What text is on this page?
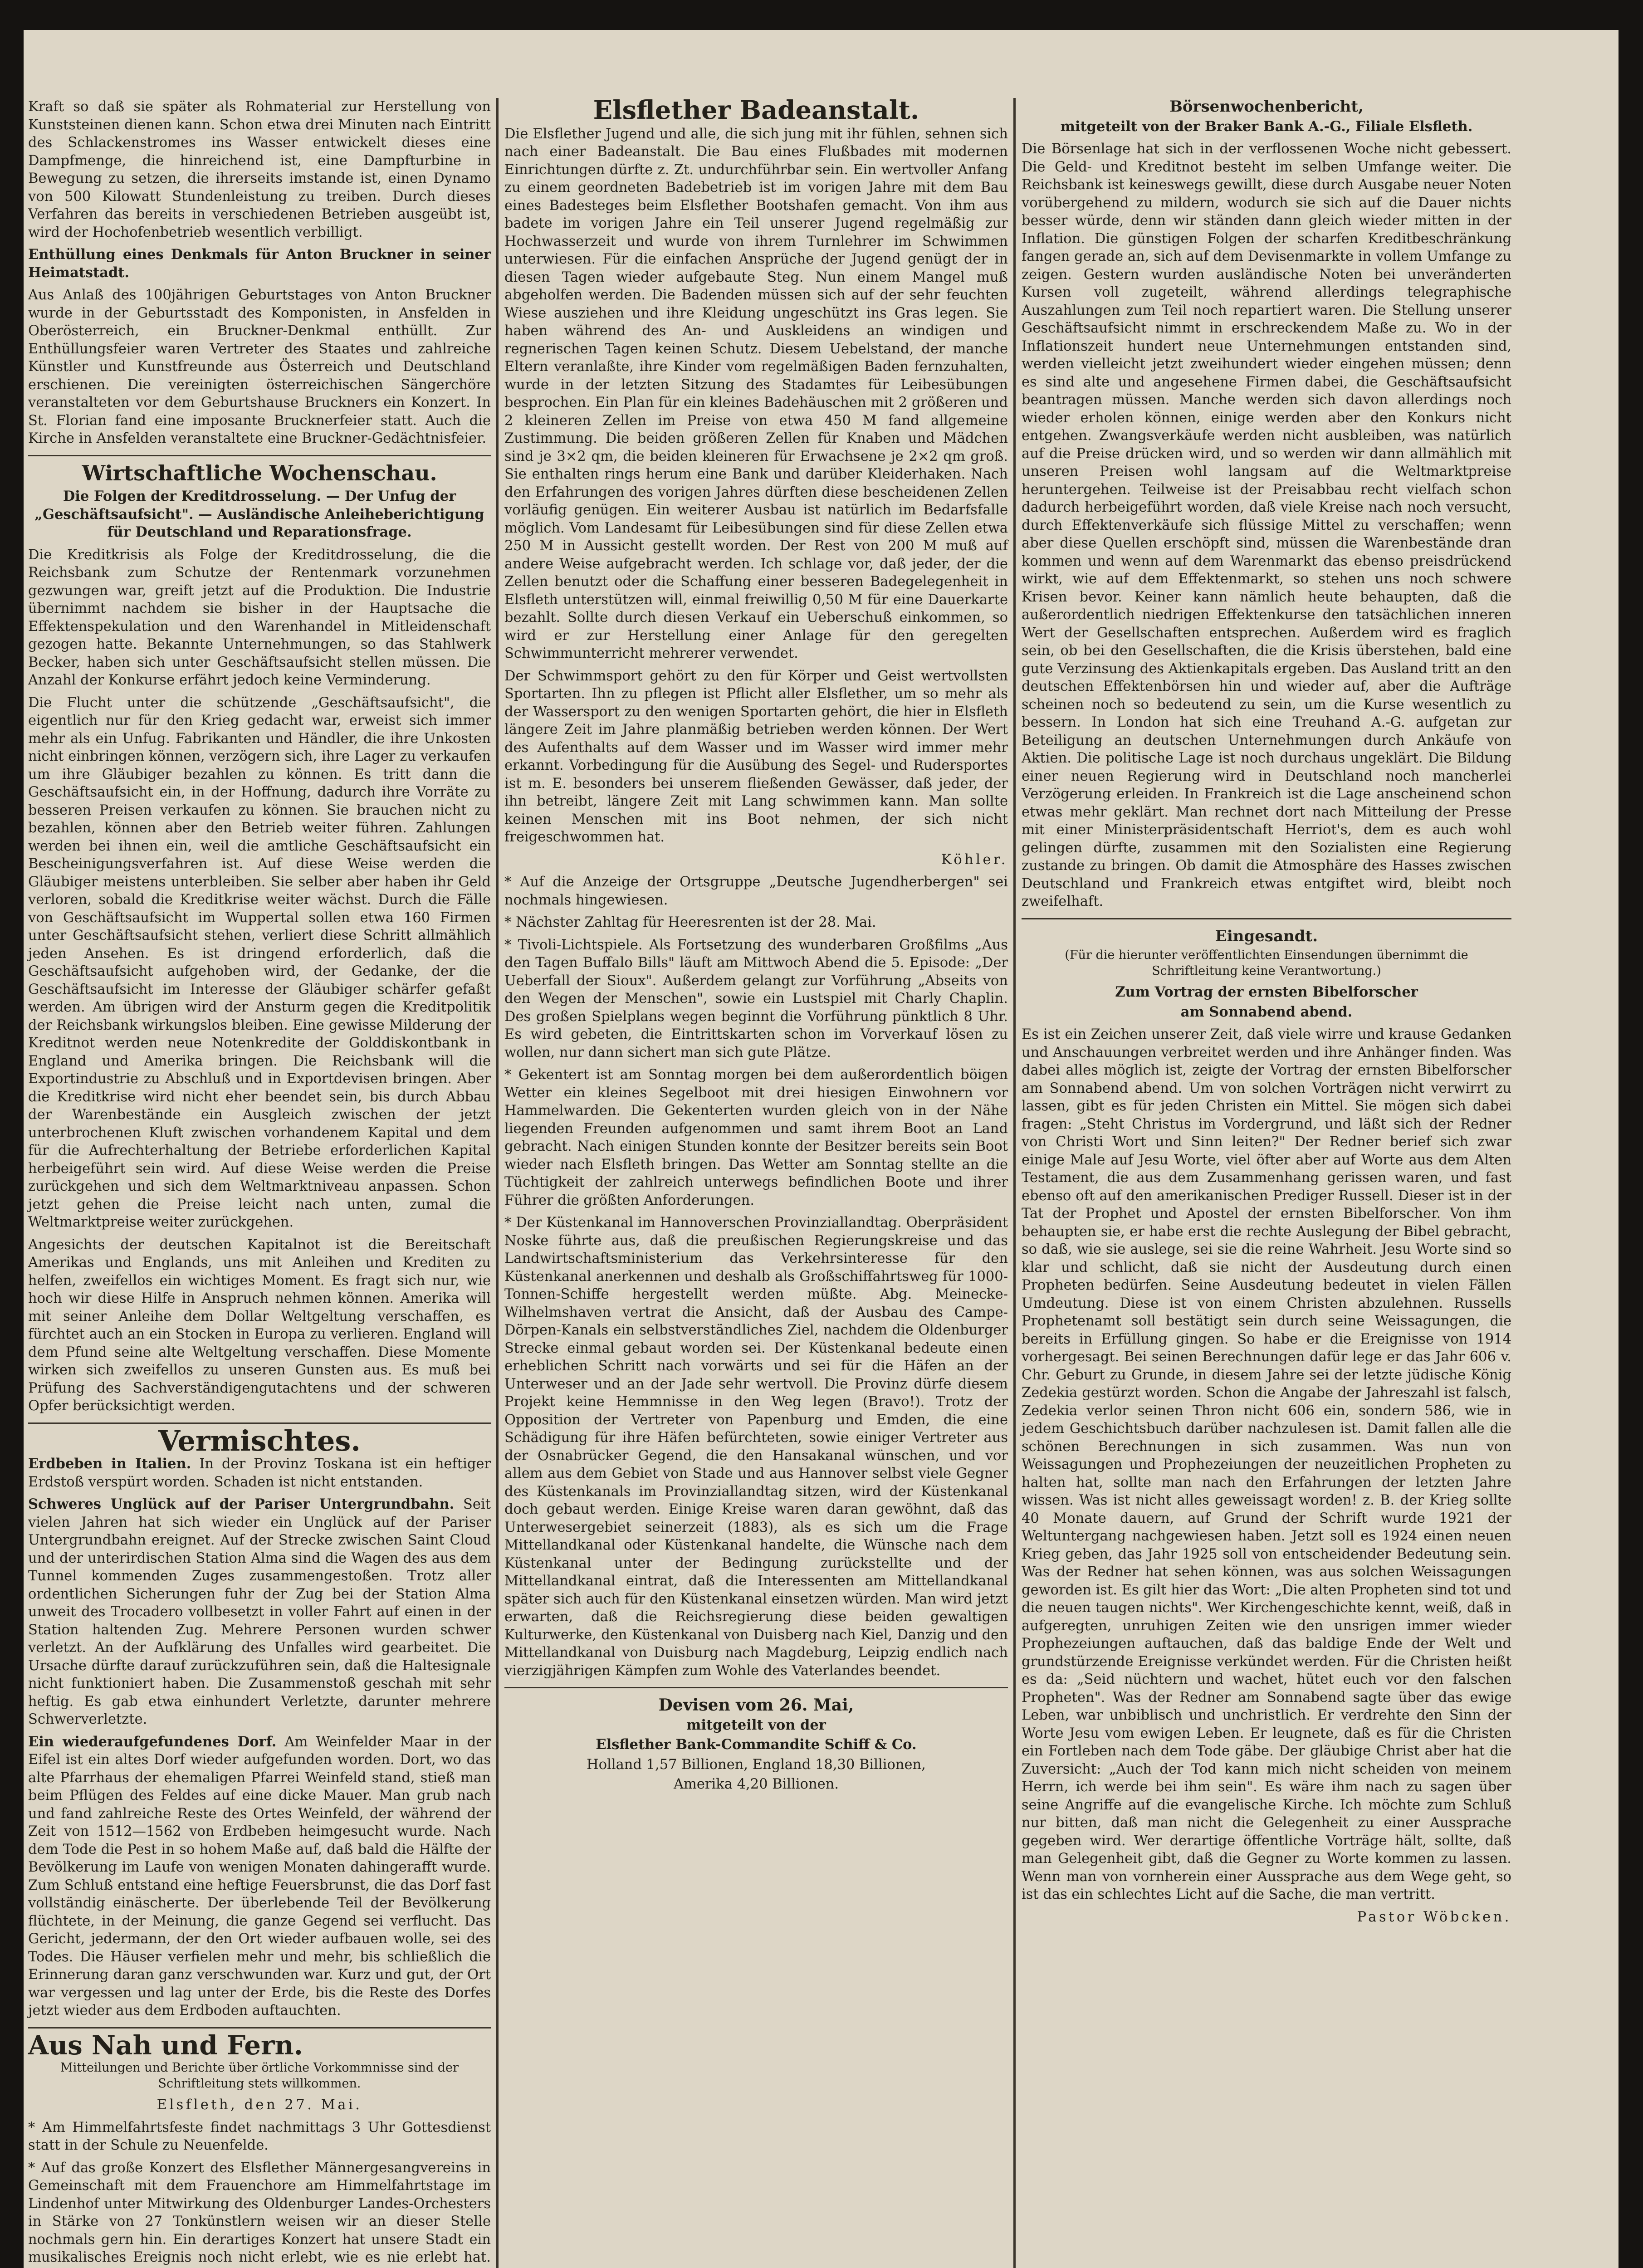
Kraft so daß sie später als Rohmaterial zur Herstellung von Kunststeinen dienen kann. Schon etwa drei Minuten nach Eintritt des Schlackenstromes ins Wasser entwickelt dieses eine Dampfmenge, die hinreichend ist, eine Dampfturbine in Bewegung zu setzen, die ihrerseits imstande ist, einen Dynamo von 500 Kilowatt Stundenleistung zu treiben. Durch dieses Verfahren das bereits in verschiedenen Betrieben ausgeübt ist, wird der Hochofenbetrieb wesentlich verbilligt.

Enthüllung eines Denkmals für Anton Bruckner in seiner Heimatstadt.

Aus Anlaß des 100jährigen Geburtstages von Anton Bruckner wurde in der Geburtsstadt des Komponisten, in Ansfelden in Oberösterreich, ein Bruckner-Denkmal enthüllt. Zur Enthüllungsfeier waren Vertreter des Staates und zahlreiche Künstler und Kunstfreunde aus Österreich und Deutschland erschienen. Die vereinigten österreichischen Sängerchöre veranstalteten vor dem Geburtshause Bruckners ein Konzert. In St. Florian fand eine imposante Brucknerfeier statt. Auch die Kirche in Ansfelden veranstaltete eine Bruckner-Gedächtnisfeier.

Wirtschaftliche Wochenschau.

Die Folgen der Kreditdrosselung. — Der Unfug der „Geschäftsaufsicht". — Ausländische Anleiheberichtigung für Deutschland und Reparationsfrage.

Die Kreditkrisis als Folge der Kreditdrosselung, die die Reichsbank zum Schutze der Rentenmark vorzunehmen gezwungen war, greift jetzt auf die Produktion. Die Industrie übernimmt nachdem sie bisher in der Hauptsache die Effektenspekulation und den Warenhandel in Mitleidenschaft gezogen hatte. Bekannte Unternehmungen, so das Stahlwerk Becker, haben sich unter Geschäftsaufsicht stellen müssen. Die Anzahl der Konkurse erfährt jedoch keine Verminderung.

Die Flucht unter die schützende „Geschäftsaufsicht", die eigentlich nur für den Krieg gedacht war, erweist sich immer mehr als ein Unfug. Fabrikanten und Händler, die ihre Unkosten nicht einbringen können, verzögern sich, ihre Lager zu verkaufen um ihre Gläubiger bezahlen zu können. Es tritt dann die Geschäftsaufsicht ein, in der Hoffnung, dadurch ihre Vorräte zu besseren Preisen verkaufen zu können. Sie brauchen nicht zu bezahlen, können aber den Betrieb weiter führen. Zahlungen werden bei ihnen ein, weil die amtliche Geschäftsaufsicht ein Bescheinigungsverfahren ist. Auf diese Weise werden die Gläubiger meistens unterbleiben. Sie selber aber haben ihr Geld verloren, sobald die Kreditkrise weiter wächst. Durch die Fälle von Geschäftsaufsicht im Wuppertal sollen etwa 160 Firmen unter Geschäftsaufsicht stehen, verliert diese Schritt allmählich jeden Ansehen. Es ist dringend erforderlich, daß die Geschäftsaufsicht aufgehoben wird, der Gedanke, der die Geschäftsaufsicht im Interesse der Gläubiger schärfer gefaßt werden. Am übrigen wird der Ansturm gegen die Kreditpolitik der Reichsbank wirkungslos bleiben. Eine gewisse Milderung der Kreditnot werden neue Notenkredite der Golddiskontbank in England und Amerika bringen. Die Reichsbank will die Exportindustrie zu Abschluß und in Exportdevisen bringen. Aber die Kreditkrise wird nicht eher beendet sein, bis durch Abbau der Warenbestände ein Ausgleich zwischen der jetzt unterbrochenen Kluft zwischen vorhandenem Kapital und dem für die Aufrechterhaltung der Betriebe erforderlichen Kapital herbeigeführt sein wird. Auf diese Weise werden die Preise zurückgehen und sich dem Weltmarktniveau anpassen. Schon jetzt gehen die Preise leicht nach unten, zumal die Weltmarktpreise weiter zurückgehen.

Angesichts der deutschen Kapitalnot ist die Bereitschaft Amerikas und Englands, uns mit Anleihen und Krediten zu helfen, zweifellos ein wichtiges Moment. Es fragt sich nur, wie hoch wir diese Hilfe in Anspruch nehmen können. Amerika will mit seiner Anleihe dem Dollar Weltgeltung verschaffen, es fürchtet auch an ein Stocken in Europa zu verlieren. England will dem Pfund seine alte Weltgeltung verschaffen. Diese Momente wirken sich zweifellos zu unseren Gunsten aus. Es muß bei Prüfung des Sachverständigengutachtens und der schweren Opfer berücksichtigt werden.

Vermischtes.

Erdbeben in Italien. In der Provinz Toskana ist ein heftiger Erdstoß verspürt worden. Schaden ist nicht entstanden.

Schweres Unglück auf der Pariser Untergrundbahn. Seit vielen Jahren hat sich wieder ein Unglück auf der Pariser Untergrundbahn ereignet. Auf der Strecke zwischen Saint Cloud und der unterirdischen Station Alma sind die Wagen des aus dem Tunnel kommenden Zuges zusammengestoßen. Trotz aller ordentlichen Sicherungen fuhr der Zug bei der Station Alma unweit des Trocadero vollbesetzt in voller Fahrt auf einen in der Station haltenden Zug. Mehrere Personen wurden schwer verletzt. An der Aufklärung des Unfalles wird gearbeitet. Die Ursache dürfte darauf zurückzuführen sein, daß die Haltesignale nicht funktioniert haben. Die Zusammenstoß geschah mit sehr heftig. Es gab etwa einhundert Verletzte, darunter mehrere Schwerverletzte.

Ein wiederaufgefundenes Dorf. Am Weinfelder Maar in der Eifel ist ein altes Dorf wieder aufgefunden worden. Dort, wo das alte Pfarrhaus der ehemaligen Pfarrei Weinfeld stand, stieß man beim Pflügen des Feldes auf eine dicke Mauer. Man grub nach und fand zahlreiche Reste des Ortes Weinfeld, der während der Zeit von 1512—1562 von Erdbeben heimgesucht wurde. Nach dem Tode die Pest in so hohem Maße auf, daß bald die Hälfte der Bevölkerung im Laufe von wenigen Monaten dahingerafft wurde. Zum Schluß entstand eine heftige Feuersbrunst, die das Dorf fast vollständig einäscherte. Der überlebende Teil der Bevölkerung flüchtete, in der Meinung, die ganze Gegend sei verflucht. Das Gericht, jedermann, der den Ort wieder aufbauen wolle, sei des Todes. Die Häuser verfielen mehr und mehr, bis schließlich die Erinnerung daran ganz verschwunden war. Kurz und gut, der Ort war vergessen und lag unter der Erde, bis die Reste des Dorfes jetzt wieder aus dem Erdboden auftauchten.

Aus Nah und Fern.

Mitteilungen und Berichte über örtliche Vorkommnisse sind der Schriftleitung stets willkommen.

Elsfleth, den 27. Mai.

* Am Himmelfahrtsfeste findet nachmittags 3 Uhr Gottesdienst statt in der Schule zu Neuenfelde.

* Auf das große Konzert des Elsflether Männergesangvereins in Gemeinschaft mit dem Frauenchore am Himmelfahrtstage im Lindenhof unter Mitwirkung des Oldenburger Landes-Orchesters in Stärke von 27 Tonkünstlern weisen wir an dieser Stelle nochmals gern hin. Ein derartiges Konzert hat unsere Stadt ein musikalisches Ereignis noch nicht erlebt, wie es nie erlebt hat.

Elsflether Badeanstalt.

Die Elsflether Jugend und alle, die sich jung mit ihr fühlen, sehnen sich nach einer Badeanstalt. Die Bau eines Flußbades mit modernen Einrichtungen dürfte z. Zt. undurchführbar sein. Ein wertvoller Anfang zu einem geordneten Badebetrieb ist im vorigen Jahre mit dem Bau eines Badesteges beim Elsflether Bootshafen gemacht. Von ihm aus badete im vorigen Jahre ein Teil unserer Jugend regelmäßig zur Hochwasserzeit und wurde von ihrem Turnlehrer im Schwimmen unterwiesen. Für die einfachen Ansprüche der Jugend genügt der in diesen Tagen wieder aufgebaute Steg. Nun einem Mangel muß abgeholfen werden. Die Badenden müssen sich auf der sehr feuchten Wiese ausziehen und ihre Kleidung ungeschützt ins Gras legen. Sie haben während des An- und Auskleidens an windigen und regnerischen Tagen keinen Schutz. Diesem Uebelstand, der manche Eltern veranlaßte, ihre Kinder vom regelmäßigen Baden fernzuhalten, wurde in der letzten Sitzung des Stadamtes für Leibesübungen besprochen. Ein Plan für ein kleines Badehäuschen mit 2 größeren und 2 kleineren Zellen im Preise von etwa 450 M fand allgemeine Zustimmung. Die beiden größeren Zellen für Knaben und Mädchen sind je 3×2 qm, die beiden kleineren für Erwachsene je 2×2 qm groß. Sie enthalten rings herum eine Bank und darüber Kleiderhaken. Nach den Erfahrungen des vorigen Jahres dürften diese bescheidenen Zellen vorläufig genügen. Ein weiterer Ausbau ist natürlich im Bedarfsfalle möglich. Vom Landesamt für Leibesübungen sind für diese Zellen etwa 250 M in Aussicht gestellt worden. Der Rest von 200 M muß auf andere Weise aufgebracht werden. Ich schlage vor, daß jeder, der die Zellen benutzt oder die Schaffung einer besseren Badegelegenheit in Elsfleth unterstützen will, einmal freiwillig 0,50 M für eine Dauerkarte bezahlt. Sollte durch diesen Verkauf ein Ueberschuß einkommen, so wird er zur Herstellung einer Anlage für den geregelten Schwimmunterricht mehrerer verwendet.

Der Schwimmsport gehört zu den für Körper und Geist wertvollsten Sportarten. Ihn zu pflegen ist Pflicht aller Elsflether, um so mehr als der Wassersport zu den wenigen Sportarten gehört, die hier in Elsfleth längere Zeit im Jahre planmäßig betrieben werden können. Der Wert des Aufenthalts auf dem Wasser und im Wasser wird immer mehr erkannt. Vorbedingung für die Ausübung des Segel- und Rudersportes ist m. E. besonders bei unserem fließenden Gewässer, daß jeder, der ihn betreibt, längere Zeit mit Lang schwimmen kann. Man sollte keinen Menschen mit ins Boot nehmen, der sich nicht freigeschwommen hat.

Köhler.

* Auf die Anzeige der Ortsgruppe „Deutsche Jugendherbergen" sei nochmals hingewiesen.

* Nächster Zahltag für Heeresrenten ist der 28. Mai.

* Tivoli-Lichtspiele. Als Fortsetzung des wunderbaren Großfilms „Aus den Tagen Buffalo Bills" läuft am Mittwoch Abend die 5. Episode: „Der Ueberfall der Sioux". Außerdem gelangt zur Vorführung „Abseits von den Wegen der Menschen", sowie ein Lustspiel mit Charly Chaplin. Des großen Spielplans wegen beginnt die Vorführung pünktlich 8 Uhr. Es wird gebeten, die Eintrittskarten schon im Vorverkauf lösen zu wollen, nur dann sichert man sich gute Plätze.

* Gekentert ist am Sonntag morgen bei dem außerordentlich böigen Wetter ein kleines Segelboot mit drei hiesigen Einwohnern vor Hammelwarden. Die Gekenterten wurden gleich von in der Nähe liegenden Freunden aufgenommen und samt ihrem Boot an Land gebracht. Nach einigen Stunden konnte der Besitzer bereits sein Boot wieder nach Elsfleth bringen. Das Wetter am Sonntag stellte an die Tüchtigkeit der zahlreich unterwegs befindlichen Boote und ihrer Führer die größten Anforderungen.

* Der Küstenkanal im Hannoverschen Provinziallandtag. Oberpräsident Noske führte aus, daß die preußischen Regierungskreise und das Landwirtschaftsministerium das Verkehrsinteresse für den Küstenkanal anerkennen und deshalb als Großschiffahrtsweg für 1000-Tonnen-Schiffe hergestellt werden müßte. Abg. Meinecke-Wilhelmshaven vertrat die Ansicht, daß der Ausbau des Campe-Dörpen-Kanals ein selbstverständliches Ziel, nachdem die Oldenburger Strecke einmal gebaut worden sei. Der Küstenkanal bedeute einen erheblichen Schritt nach vorwärts und sei für die Häfen an der Unterweser und an der Jade sehr wertvoll. Die Provinz dürfe diesem Projekt keine Hemmnisse in den Weg legen (Bravo!). Trotz der Opposition der Vertreter von Papenburg und Emden, die eine Schädigung für ihre Häfen befürchteten, sowie einiger Vertreter aus der Osnabrücker Gegend, die den Hansakanal wünschen, und vor allem aus dem Gebiet von Stade und aus Hannover selbst viele Gegner des Küstenkanals im Provinziallandtag sitzen, wird der Küstenkanal doch gebaut werden. Einige Kreise waren daran gewöhnt, daß das Unterwesergebiet seinerzeit (1883), als es sich um die Frage Mittellandkanal oder Küstenkanal handelte, die Wünsche nach dem Küstenkanal unter der Bedingung zurückstellte und der Mittellandkanal eintrat, daß die Interessenten am Mittellandkanal später sich auch für den Küstenkanal einsetzen würden. Man wird jetzt erwarten, daß die Reichsregierung diese beiden gewaltigen Kulturwerke, den Küstenkanal von Duisberg nach Kiel, Danzig und den Mittellandkanal von Duisburg nach Magdeburg, Leipzig endlich nach vierzigjährigen Kämpfen zum Wohle des Vaterlandes beendet.

Devisen vom 26. Mai,

mitgeteilt von der

Elsflether Bank-Commandite Schiff & Co.

Holland 1,57 Billionen, England 18,30 Billionen,

Amerika 4,20 Billionen.

Börsenwochenbericht,

mitgeteilt von der Braker Bank A.-G., Filiale Elsfleth.

Die Börsenlage hat sich in der verflossenen Woche nicht gebessert. Die Geld- und Kreditnot besteht im selben Umfange weiter. Die Reichsbank ist keineswegs gewillt, diese durch Ausgabe neuer Noten vorübergehend zu mildern, wodurch sie sich auf die Dauer nichts besser würde, denn wir ständen dann gleich wieder mitten in der Inflation. Die günstigen Folgen der scharfen Kreditbeschränkung fangen gerade an, sich auf dem Devisenmarkte in vollem Umfange zu zeigen. Gestern wurden ausländische Noten bei unveränderten Kursen voll zugeteilt, während allerdings telegraphische Auszahlungen zum Teil noch repartiert waren. Die Stellung unserer Geschäftsaufsicht nimmt in erschreckendem Maße zu. Wo in der Inflationszeit hundert neue Unternehmungen entstanden sind, werden vielleicht jetzt zweihundert wieder eingehen müssen; denn es sind alte und angesehene Firmen dabei, die Geschäftsaufsicht beantragen müssen. Manche werden sich davon allerdings noch wieder erholen können, einige werden aber den Konkurs nicht entgehen. Zwangsverkäufe werden nicht ausbleiben, was natürlich auf die Preise drücken wird, und so werden wir dann allmählich mit unseren Preisen wohl langsam auf die Weltmarktpreise heruntergehen. Teilweise ist der Preisabbau recht vielfach schon dadurch herbeigeführt worden, daß viele Kreise nach noch versucht, durch Effektenverkäufe sich flüssige Mittel zu verschaffen; wenn aber diese Quellen erschöpft sind, müssen die Warenbestände dran kommen und wenn auf dem Warenmarkt das ebenso preisdrückend wirkt, wie auf dem Effektenmarkt, so stehen uns noch schwere Krisen bevor. Keiner kann nämlich heute behaupten, daß die außerordentlich niedrigen Effektenkurse den tatsächlichen inneren Wert der Gesellschaften entsprechen. Außerdem wird es fraglich sein, ob bei den Gesellschaften, die die Krisis überstehen, bald eine gute Verzinsung des Aktienkapitals ergeben. Das Ausland tritt an den deutschen Effektenbörsen hin und wieder auf, aber die Aufträge scheinen noch so bedeutend zu sein, um die Kurse wesentlich zu bessern. In London hat sich eine Treuhand A.-G. aufgetan zur Beteiligung an deutschen Unternehmungen durch Ankäufe von Aktien. Die politische Lage ist noch durchaus ungeklärt. Die Bildung einer neuen Regierung wird in Deutschland noch mancherlei Verzögerung erleiden. In Frankreich ist die Lage anscheinend schon etwas mehr geklärt. Man rechnet dort nach Mitteilung der Presse mit einer Ministerpräsidentschaft Herriot's, dem es auch wohl gelingen dürfte, zusammen mit den Sozialisten eine Regierung zustande zu bringen. Ob damit die Atmosphäre des Hasses zwischen Deutschland und Frankreich etwas entgiftet wird, bleibt noch zweifelhaft.

Eingesandt.

(Für die hierunter veröffentlichten Einsendungen übernimmt die Schriftleitung keine Verantwortung.)

Zum Vortrag der ernsten Bibelforscher

am Sonnabend abend.

Es ist ein Zeichen unserer Zeit, daß viele wirre und krause Gedanken und Anschauungen verbreitet werden und ihre Anhänger finden. Was dabei alles möglich ist, zeigte der Vortrag der ernsten Bibelforscher am Sonnabend abend. Um von solchen Vorträgen nicht verwirrt zu lassen, gibt es für jeden Christen ein Mittel. Sie mögen sich dabei fragen: „Steht Christus im Vordergrund, und läßt sich der Redner von Christi Wort und Sinn leiten?" Der Redner berief sich zwar einige Male auf Jesu Worte, viel öfter aber auf Worte aus dem Alten Testament, die aus dem Zusammenhang gerissen waren, und fast ebenso oft auf den amerikanischen Prediger Russell. Dieser ist in der Tat der Prophet und Apostel der ernsten Bibelforscher. Von ihm behaupten sie, er habe erst die rechte Auslegung der Bibel gebracht, so daß, wie sie auslege, sei sie die reine Wahrheit. Jesu Worte sind so klar und schlicht, daß sie nicht der Ausdeutung durch einen Propheten bedürfen. Seine Ausdeutung bedeutet in vielen Fällen Umdeutung. Diese ist von einem Christen abzulehnen. Russells Prophetenamt soll bestätigt sein durch seine Weissagungen, die bereits in Erfüllung gingen. So habe er die Ereignisse von 1914 vorhergesagt. Bei seinen Berechnungen dafür lege er das Jahr 606 v. Chr. Geburt zu Grunde, in diesem Jahre sei der letzte jüdische König Zedekia gestürzt worden. Schon die Angabe der Jahreszahl ist falsch, Zedekia verlor seinen Thron nicht 606 ein, sondern 586, wie in jedem Geschichtsbuch darüber nachzulesen ist. Damit fallen alle die schönen Berechnungen in sich zusammen. Was nun von Weissagungen und Prophezeiungen der neuzeitlichen Propheten zu halten hat, sollte man nach den Erfahrungen der letzten Jahre wissen. Was ist nicht alles geweissagt worden! z. B. der Krieg sollte 40 Monate dauern, auf Grund der Schrift wurde 1921 der Weltuntergang nachgewiesen haben. Jetzt soll es 1924 einen neuen Krieg geben, das Jahr 1925 soll von entscheidender Bedeutung sein. Was der Redner hat sehen können, was aus solchen Weissagungen geworden ist. Es gilt hier das Wort: „Die alten Propheten sind tot und die neuen taugen nichts". Wer Kirchengeschichte kennt, weiß, daß in aufgeregten, unruhigen Zeiten wie den unsrigen immer wieder Prophezeiungen auftauchen, daß das baldige Ende der Welt und grundstürzende Ereignisse verkündet werden. Für die Christen heißt es da: „Seid nüchtern und wachet, hütet euch vor den falschen Propheten". Was der Redner am Sonnabend sagte über das ewige Leben, war unbiblisch und unchristlich. Er verdrehte den Sinn der Worte Jesu vom ewigen Leben. Er leugnete, daß es für die Christen ein Fortleben nach dem Tode gäbe. Der gläubige Christ aber hat die Zuversicht: „Auch der Tod kann mich nicht scheiden von meinem Herrn, ich werde bei ihm sein". Es wäre ihm nach zu sagen über seine Angriffe auf die evangelische Kirche. Ich möchte zum Schluß nur bitten, daß man nicht die Gelegenheit zu einer Aussprache gegeben wird. Wer derartige öffentliche Vorträge hält, sollte, daß man Gelegenheit gibt, daß die Gegner zu Worte kommen zu lassen. Wenn man von vornherein einer Aussprache aus dem Wege geht, so ist das ein schlechtes Licht auf die Sache, die man vertritt.

Pastor Wöbcken.
